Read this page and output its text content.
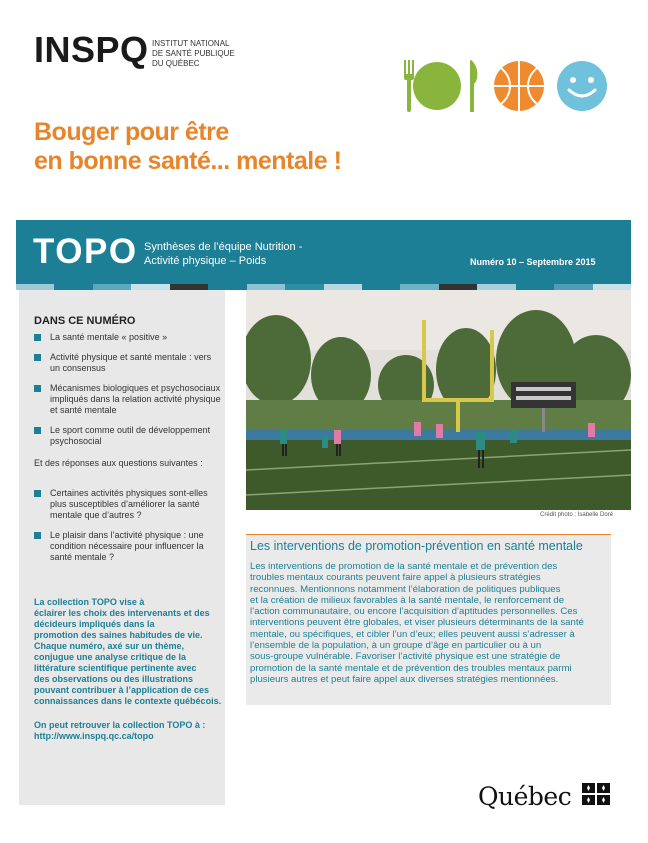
INSPQ INSTITUT NATIONAL
DE SANTÉ PUBLIQUE
DU QUÉBEC
Bouger pour être
en bonne santé... mentale !
TOPO Synthèses de l’équipe Nutrition -
Activité physique – Poids	Numéro 10 – Septembre 2015
DANS CE NUMÉRO
La santé mentale « positive »
Activité physique et santé mentale : vers un consensus
Mécanismes biologiques et psychosociaux impliqués dans la relation activité physique et santé mentale
Le sport comme outil de développement psychosocial
Et des réponses aux questions suivantes :
Certaines activités physiques sont-elles plus susceptibles d’améliorer la santé mentale que d’autres ?
Le plaisir dans l’activité physique : une condition nécessaire pour influencer la santé mentale ?
La collection TOPO vise à
éclairer les choix des intervenants et des
décideurs impliqués dans la
promotion des saines habitudes de vie.
Chaque numéro, axé sur un thème,
conjugue une analyse critique de la
littérature scientifique pertinente avec
des observations ou des illustrations
pouvant contribuer à l’application de ces
connaissances dans le contexte québécois.
On peut retrouver la collection TOPO à :
http://www.inspq.qc.ca/topo
Crédit photo : Isabelle Doré
Les interventions de promotion-prévention en santé mentale
Les interventions de promotion de la santé mentale et de prévention des
troubles mentaux courants peuvent faire appel à plusieurs stratégies
reconnues. Mentionnons notamment l’élaboration de politiques publiques
et la création de milieux favorables à la santé mentale, le renforcement de
l’action communautaire, ou encore l’acquisition d’aptitudes personnelles. Ces
interventions peuvent être globales, et viser plusieurs déterminants de la santé
mentale, ou spécifiques, et cibler l’un d’eux; elles peuvent aussi s’adresser à
l’ensemble de la population, à un groupe d’âge en particulier ou à un
sous-groupe vulnérable. Favoriser l’activité physique est une stratégie de
promotion de la santé mentale et de prévention des troubles mentaux parmi
plusieurs autres et peut faire appel aux diverses stratégies mentionnées.
Québec
